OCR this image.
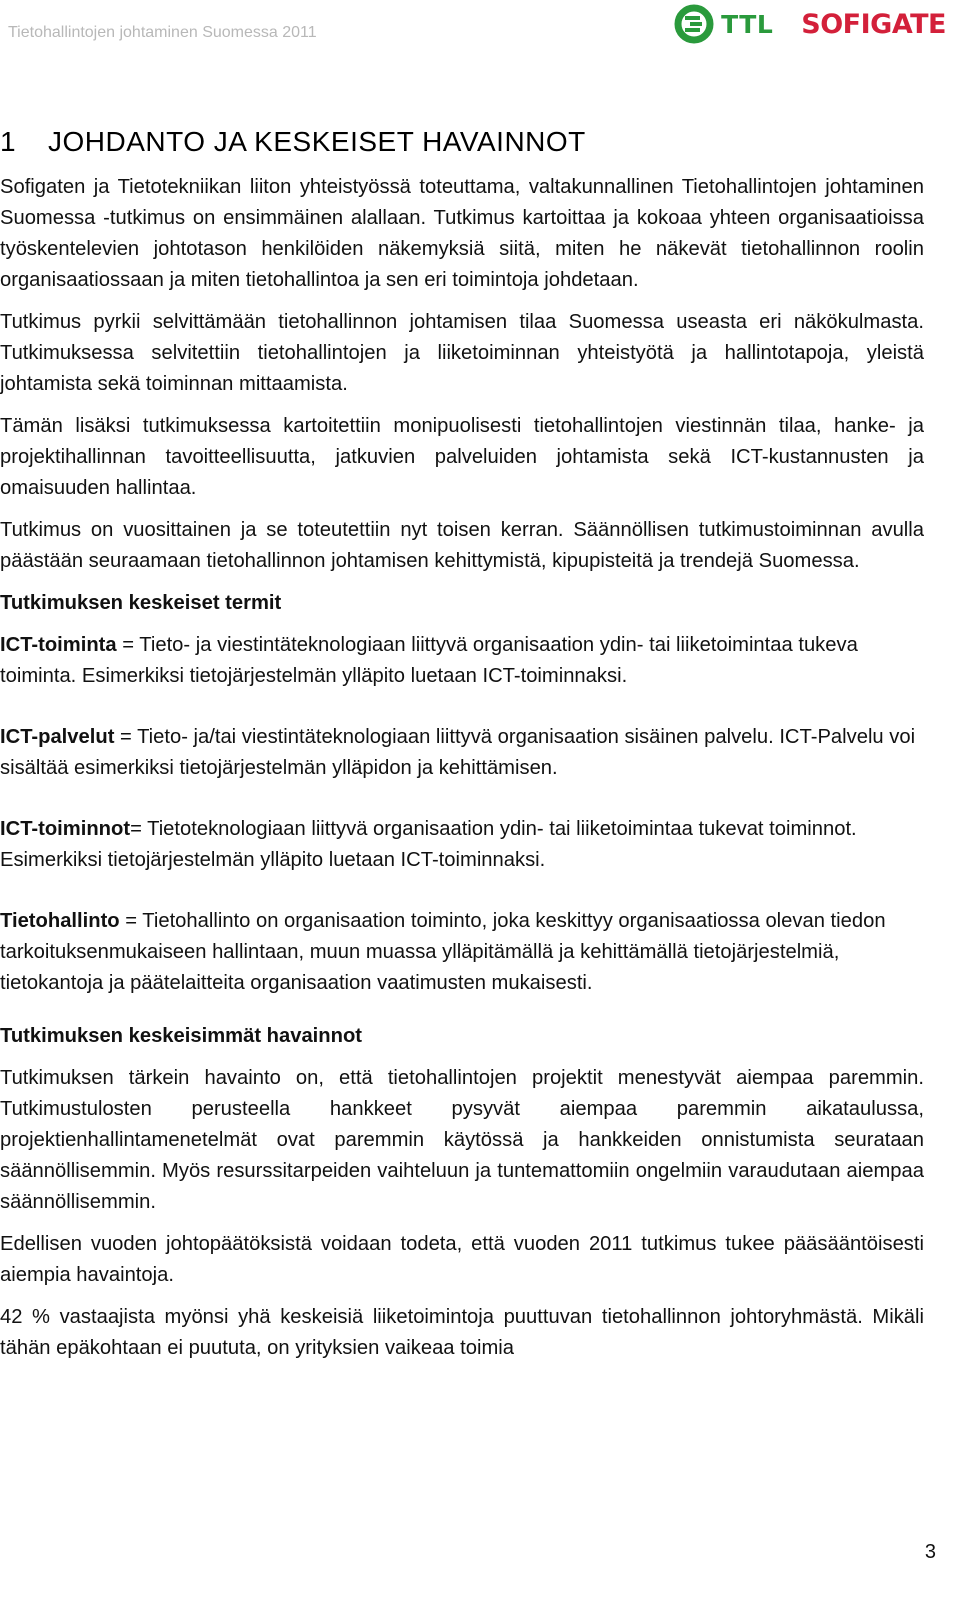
Tietohallintojen johtaminen Suomessa 2011	TTL SOFIGATE
1 JOHDANTO JA KESKEISET HAVAINNOT

Sofigaten ja Tietotekniikan liiton yhteistyössä toteuttama, valtakunnallinen Tietohallintojen johtaminen Suomessa -tutkimus on ensimmäinen alallaan. Tutkimus kartoittaa ja kokoaa yhteen organisaatioissa työskentelevien johtotason henkilöiden näkemyksiä siitä, miten he näkevät tietohallinnon roolin organisaatiossaan ja miten tietohallintoa ja sen eri toimintoja johdetaan.

Tutkimus pyrkii selvittämään tietohallinnon johtamisen tilaa Suomessa useasta eri näkökulmasta. Tutkimuksessa selvitettiin tietohallintojen ja liiketoiminnan yhteistyötä ja hallintotapoja, yleistä johtamista sekä toiminnan mittaamista.

Tämän lisäksi tutkimuksessa kartoitettiin monipuolisesti tietohallintojen viestinnän tilaa, hanke- ja projektihallinnan tavoitteellisuutta, jatkuvien palveluiden johtamista sekä ICT-kustannusten ja omaisuuden hallintaa.

Tutkimus on vuosittainen ja se toteutettiin nyt toisen kerran. Säännöllisen tutkimustoiminnan avulla päästään seuraamaan tietohallinnon johtamisen kehittymistä, kipupisteitä ja trendejä Suomessa.

Tutkimuksen keskeiset termit

ICT-toiminta = Tieto- ja viestintäteknologiaan liittyvä organisaation ydin- tai liiketoimintaa tukeva toiminta. Esimerkiksi tietojärjestelmän ylläpito luetaan ICT-toiminnaksi.

ICT-palvelut = Tieto- ja/tai viestintäteknologiaan liittyvä organisaation sisäinen palvelu. ICT-Palvelu voi sisältää esimerkiksi tietojärjestelmän ylläpidon ja kehittämisen.

ICT-toiminnot= Tietoteknologiaan liittyvä organisaation ydin- tai liiketoimintaa tukevat toiminnot. Esimerkiksi tietojärjestelmän ylläpito luetaan ICT-toiminnaksi.

Tietohallinto = Tietohallinto on organisaation toiminto, joka keskittyy organisaatiossa olevan tiedon tarkoituksenmukaiseen hallintaan, muun muassa ylläpitämällä ja kehittämällä tietojärjestelmiä, tietokantoja ja päätelaitteita organisaation vaatimusten mukaisesti.

Tutkimuksen keskeisimmät havainnot

Tutkimuksen tärkein havainto on, että tietohallintojen projektit menestyvät aiempaa paremmin. Tutkimustulosten perusteella hankkeet pysyvät aiempaa paremmin aikataulussa, projektienhallintamenetelmät ovat paremmin käytössä ja hankkeiden onnistumista seurataan säännöllisemmin. Myös resurssitarpeiden vaihteluun ja tuntemattomiin ongelmiin varaudutaan aiempaa säännöllisemmin.

Edellisen vuoden johtopäätöksistä voidaan todeta, että vuoden 2011 tutkimus tukee pääsääntöisesti aiempia havaintoja.

42 % vastaajista myönsi yhä keskeisiä liiketoimintoja puuttuvan tietohallinnon johtoryhmästä. Mikäli tähän epäkohtaan ei puututa, on yrityksien vaikeaa toimia

3
